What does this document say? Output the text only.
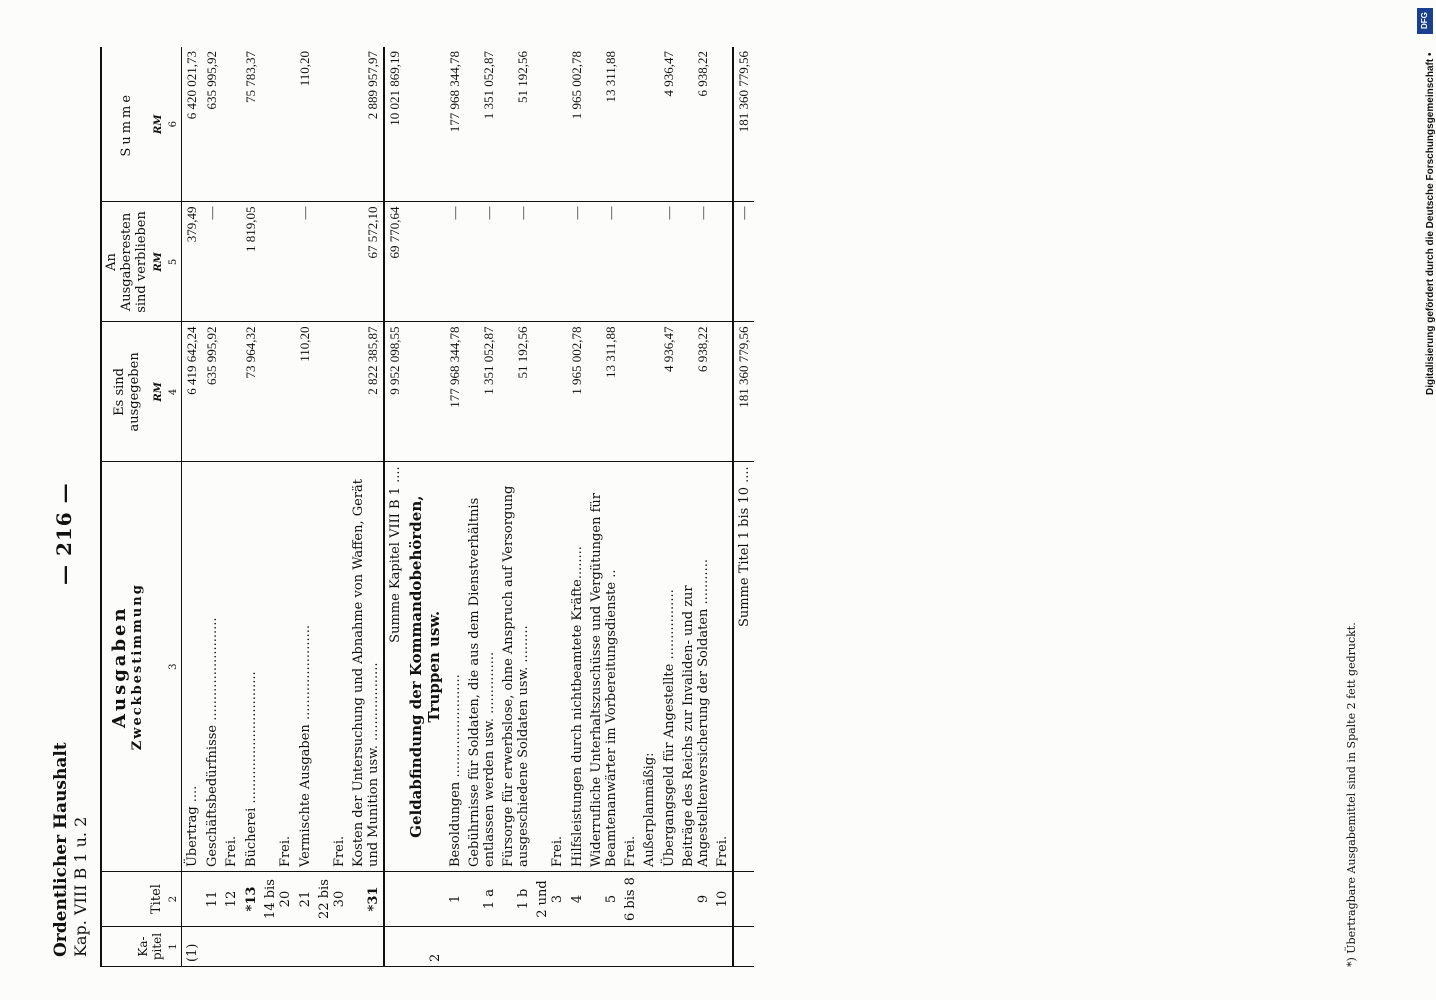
Ordentlicher Haushalt Kap. VIII B 1 u. 2
— 216 —
Ka- pitel	Titel	Ausgaben Zweckbestimmung	Es sind ausgegeben	An Ausgaberesten sind verblieben	Summe
			RM	RM	RM
1	2	3	4	5	6
(1)		Übertrag ....	6 419 642,24	379,49	6 420 021,73
	11	Geschäftsbedürfnisse .........................	635 995,92	—	635 995,92
	12	Frei.			
	*13	Bücherei ................................	73 964,32	1 819,05	75 783,37
	14 bis 20	Frei.			
	21	Vermischte Ausgaben .......................	110,20	—	110,20
	22 bis 30	Frei.			
	*31	Kosten der Untersuchung und Abnahme von Waffen, Gerät und Munition usw. ...................	2 822 385,87	67 572,10	2 889 957,97
		Summe Kapitel VIII B 1 ....	9 952 098,55	69 770,64	10 021 869,19
2		Geldabfindung der Kommandobehörden, Truppen usw.			
	1	Besoldungen .........................	177 968 344,78	—	177 968 344,78
	1 a	Gebührnisse für Soldaten, die aus dem Dienstverhältnis entlassen werden usw. ...............	1 351 052,87	—	1 351 052,87
	1 b	Fürsorge für erwerbslose, ohne Anspruch auf Versorgung ausgeschiedene Soldaten usw. .........	51 192,56	—	51 192,56
	2 und 3	Frei.			
	4	Hilfsleistungen durch nichtbeamtete Kräfte........	1 965 002,78	—	1 965 002,78
	5	Widerrufliche Unterhaltszuschüsse und Vergütungen für Beamtenanwärter im Vorbereitungsdienste ..	13 311,88	—	13 311,88
	6 bis 8	Frei.			
		Außerplanmäßig:			
		Übergangsgeld für Angestellte .................	4 936,47	—	4 936,47
	9	Beiträge des Reichs zur Invaliden- und zur Angestelltenversicherung der Soldaten ...........	6 938,22	—	6 938,22
	10	Frei.			
		Summe Titel 1 bis 10 ....	181 360 779,56	—	181 360 779,56
*) Übertragbare Ausgabemittel sind in Spalte 2 fett gedruckt.
Digitalisierung gefördert durch die Deutsche Forschungsgemeinschaft •
DFG
